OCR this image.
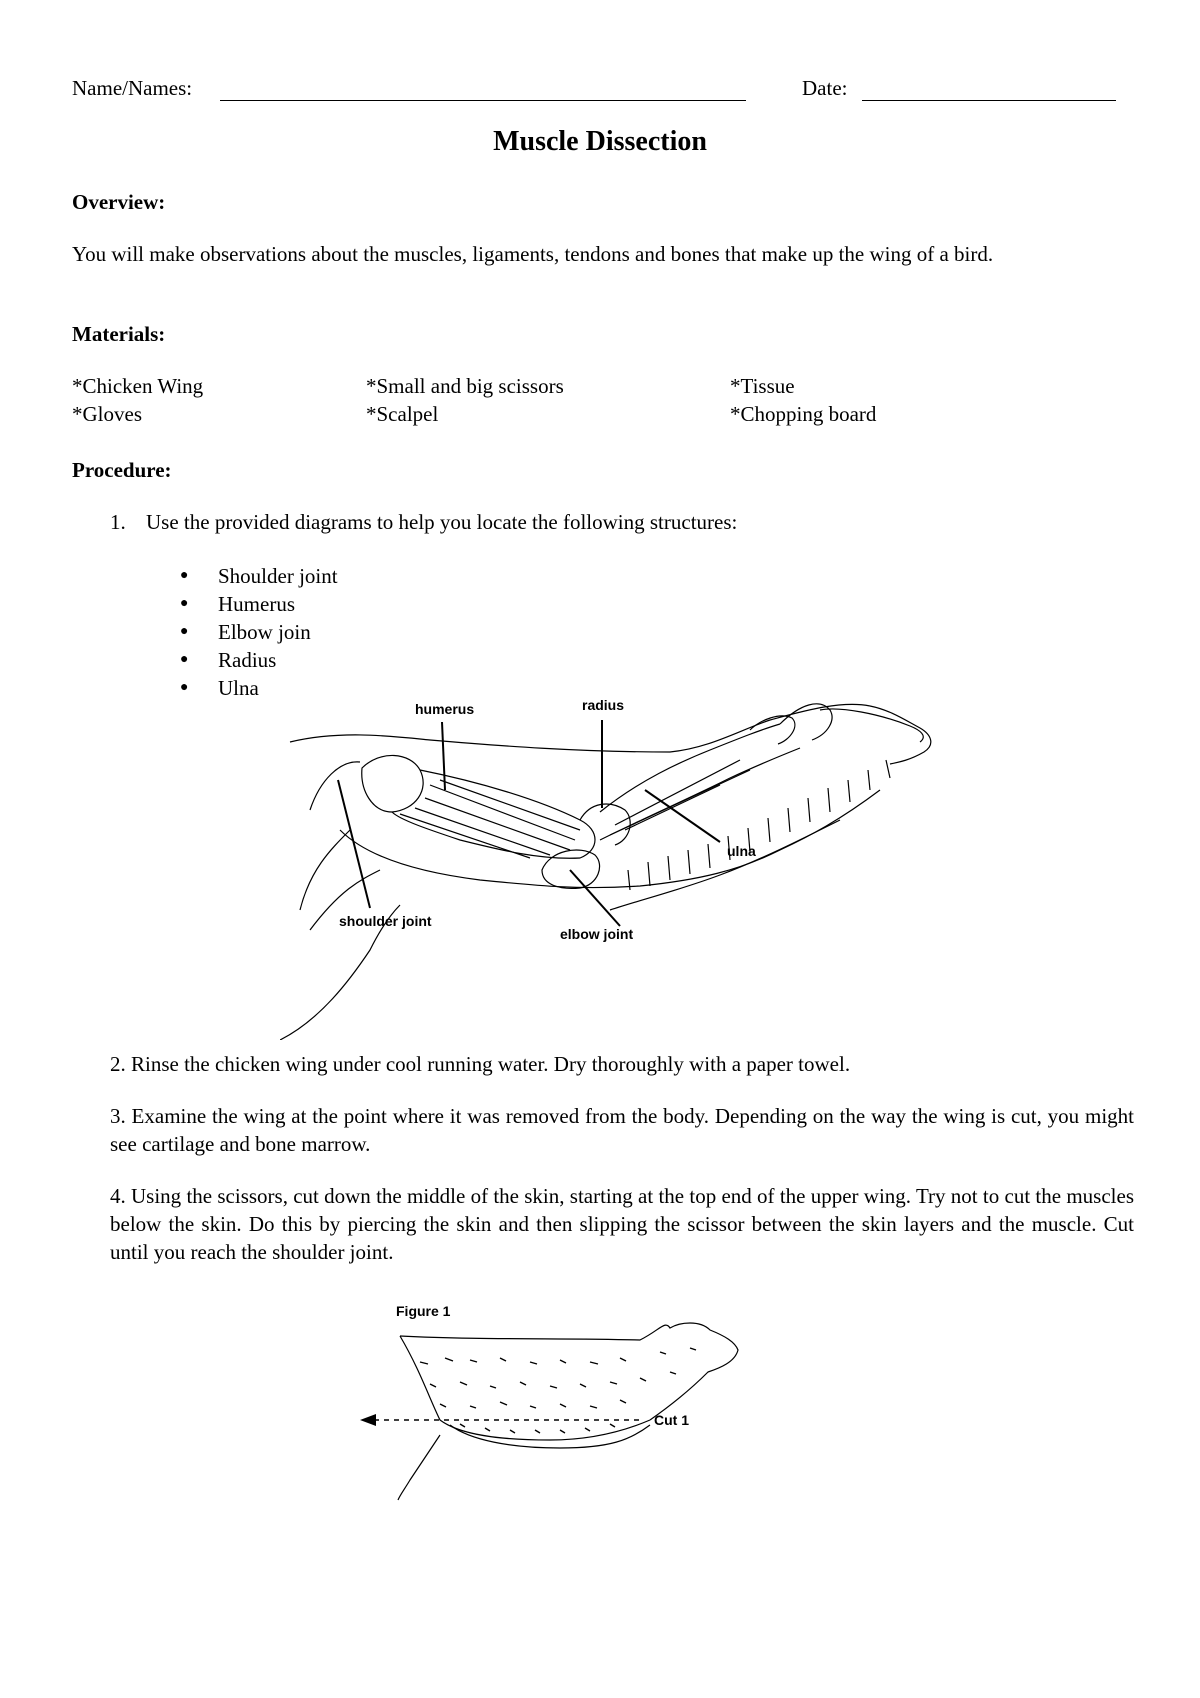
Name/Names:	Date:
Muscle Dissection
Overview:
You will make observations about the muscles, ligaments, tendons and bones that make up the wing of a bird.
Materials:
*Chicken Wing	*Small and big scissors	*Tissue
*Gloves	*Scalpel	*Chopping board
Procedure:
1. Use the provided diagrams to help you locate the following structures:
● Shoulder joint
● Humerus
● Elbow join
● Radius
● Ulna
humerus	radius
ulna
shoulder joint
elbow joint
2. Rinse the chicken wing under cool running water. Dry thoroughly with a paper towel.
3. Examine the wing at the point where it was removed from the body. Depending on the way the wing is cut, you might see cartilage and bone marrow.
4. Using the scissors, cut down the middle of the skin, starting at the top end of the upper wing. Try not to cut the muscles below the skin. Do this by piercing the skin and then slipping the scissor between the skin layers and the muscle. Cut until you reach the shoulder joint.
Figure 1
Cut 1
